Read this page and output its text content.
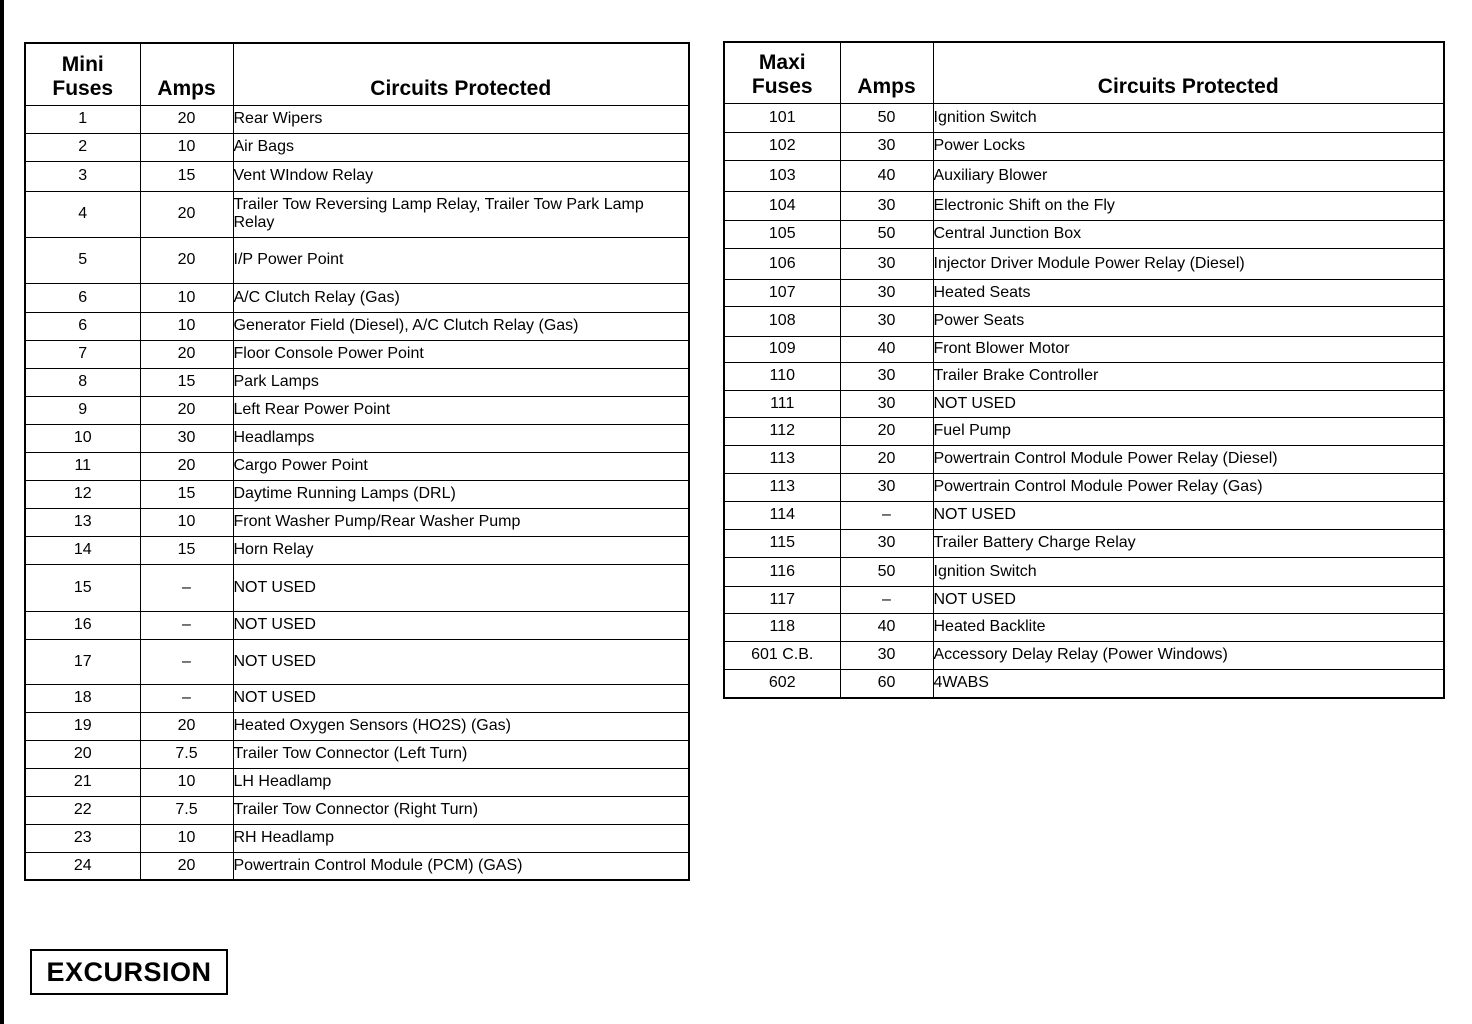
Mini
Fuses	Amps	Circuits Protected
1	20	Rear Wipers
2	10	Air Bags
3	15	Vent WIndow Relay
4	20	Trailer Tow Reversing Lamp Relay, Trailer Tow Park Lamp Relay
5	20	I/P Power Point
6	10	A/C Clutch Relay (Gas)
6	10	Generator Field (Diesel), A/C Clutch Relay (Gas)
7	20	Floor Console Power Point
8	15	Park Lamps
9	20	Left Rear Power Point
10	30	Headlamps
11	20	Cargo Power Point
12	15	Daytime Running Lamps (DRL)
13	10	Front Washer Pump/Rear Washer Pump
14	15	Horn Relay
15	–	NOT USED
16	–	NOT USED
17	–	NOT USED
18	–	NOT USED
19	20	Heated Oxygen Sensors (HO2S) (Gas)
20	7.5	Trailer Tow Connector (Left Turn)
21	10	LH Headlamp
22	7.5	Trailer Tow Connector (Right Turn)
23	10	RH Headlamp
24	20	Powertrain Control Module (PCM) (GAS)
Maxi
Fuses	Amps	Circuits Protected
101	50	Ignition Switch
102	30	Power Locks
103	40	Auxiliary Blower
104	30	Electronic Shift on the Fly
105	50	Central Junction Box
106	30	Injector Driver Module Power Relay (Diesel)
107	30	Heated Seats
108	30	Power Seats
109	40	Front Blower Motor
110	30	Trailer Brake Controller
111	30	NOT USED
112	20	Fuel Pump
113	20	Powertrain Control Module Power Relay (Diesel)
113	30	Powertrain Control Module Power Relay (Gas)
114	–	NOT USED
115	30	Trailer Battery Charge Relay
116	50	Ignition Switch
117	–	NOT USED
118	40	Heated Backlite
601 C.B.	30	Accessory Delay Relay (Power Windows)
602	60	4WABS
EXCURSION
